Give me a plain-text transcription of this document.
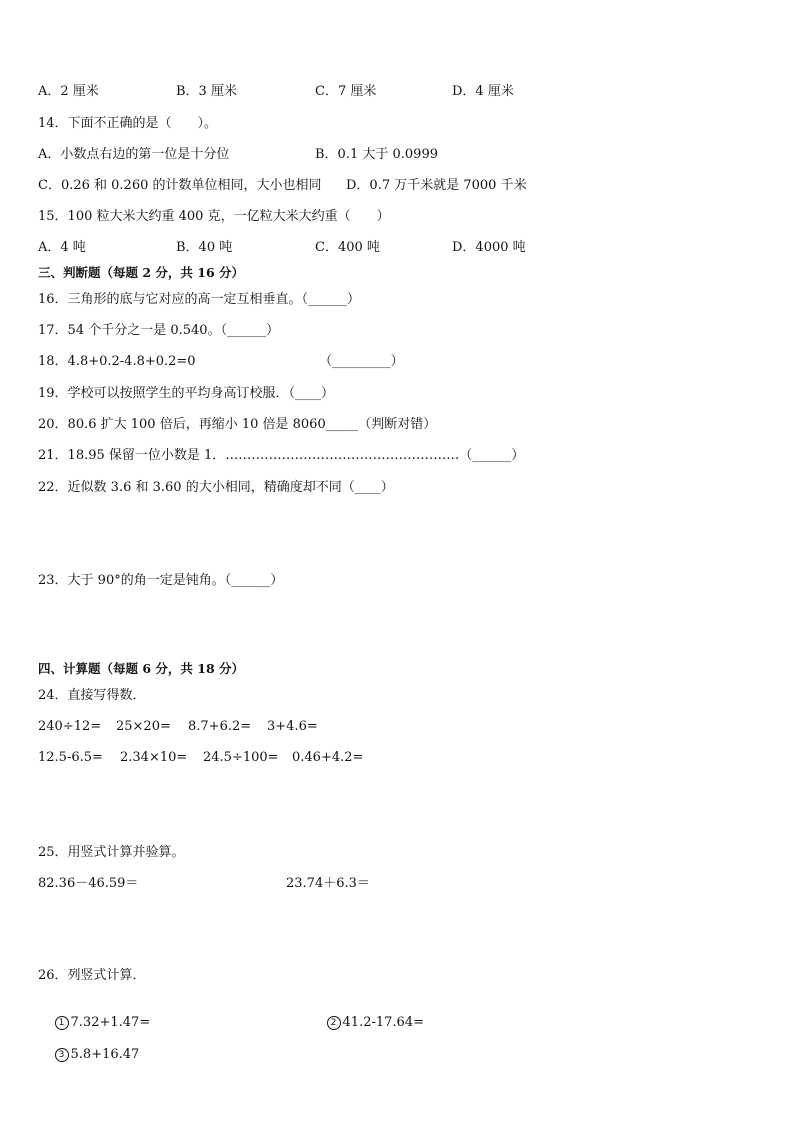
A．2 厘米	B．3 厘米	C．7 厘米	D．4 厘米
14．下面不正确的是（　　）。
A．小数点右边的第一位是十分位	B．0.1 大于 0.0999
C．0.26 和 0.260 的计数单位相同，大小也相同 D．0.7 万千米就是 7000 千米
15．100 粒大米大约重 400 克，一亿粒大米大约重（　　）
A．4 吨	B．40 吨	C．400 吨	D．4000 吨
三、判断题（每题 2 分，共 16 分）
16．三角形的底与它对应的高一定互相垂直。（______）
17．54 个千分之一是 0.540。（______）
18．4.8+0.2-4.8+0.2=0　　　　　　　　　　（_________）
19．学校可以按照学生的平均身高订校服．（____）
20．80.6 扩大 100 倍后，再缩小 10 倍是 8060_____（判断对错）
21．18.95 保留一位小数是 1．………………………………………………（______）
22．近似数 3.6 和 3.60 的大小相同，精确度却不同（____）
23．大于 90°的角一定是钝角。（______）
四、计算题（每题 6 分，共 18 分）
24．直接写得数．
240÷12= 25×20= 8.7+6.2= 3+4.6=
12.5-6.5= 2.34×10= 24.5÷100= 0.46+4.2=
25．用竖式计算并验算。
82.36－46.59＝	23.74＋6.3＝
26．列竖式计算．

1 7.32+1.47=
	2 41.2-17.64=

3 5.8+16.47
